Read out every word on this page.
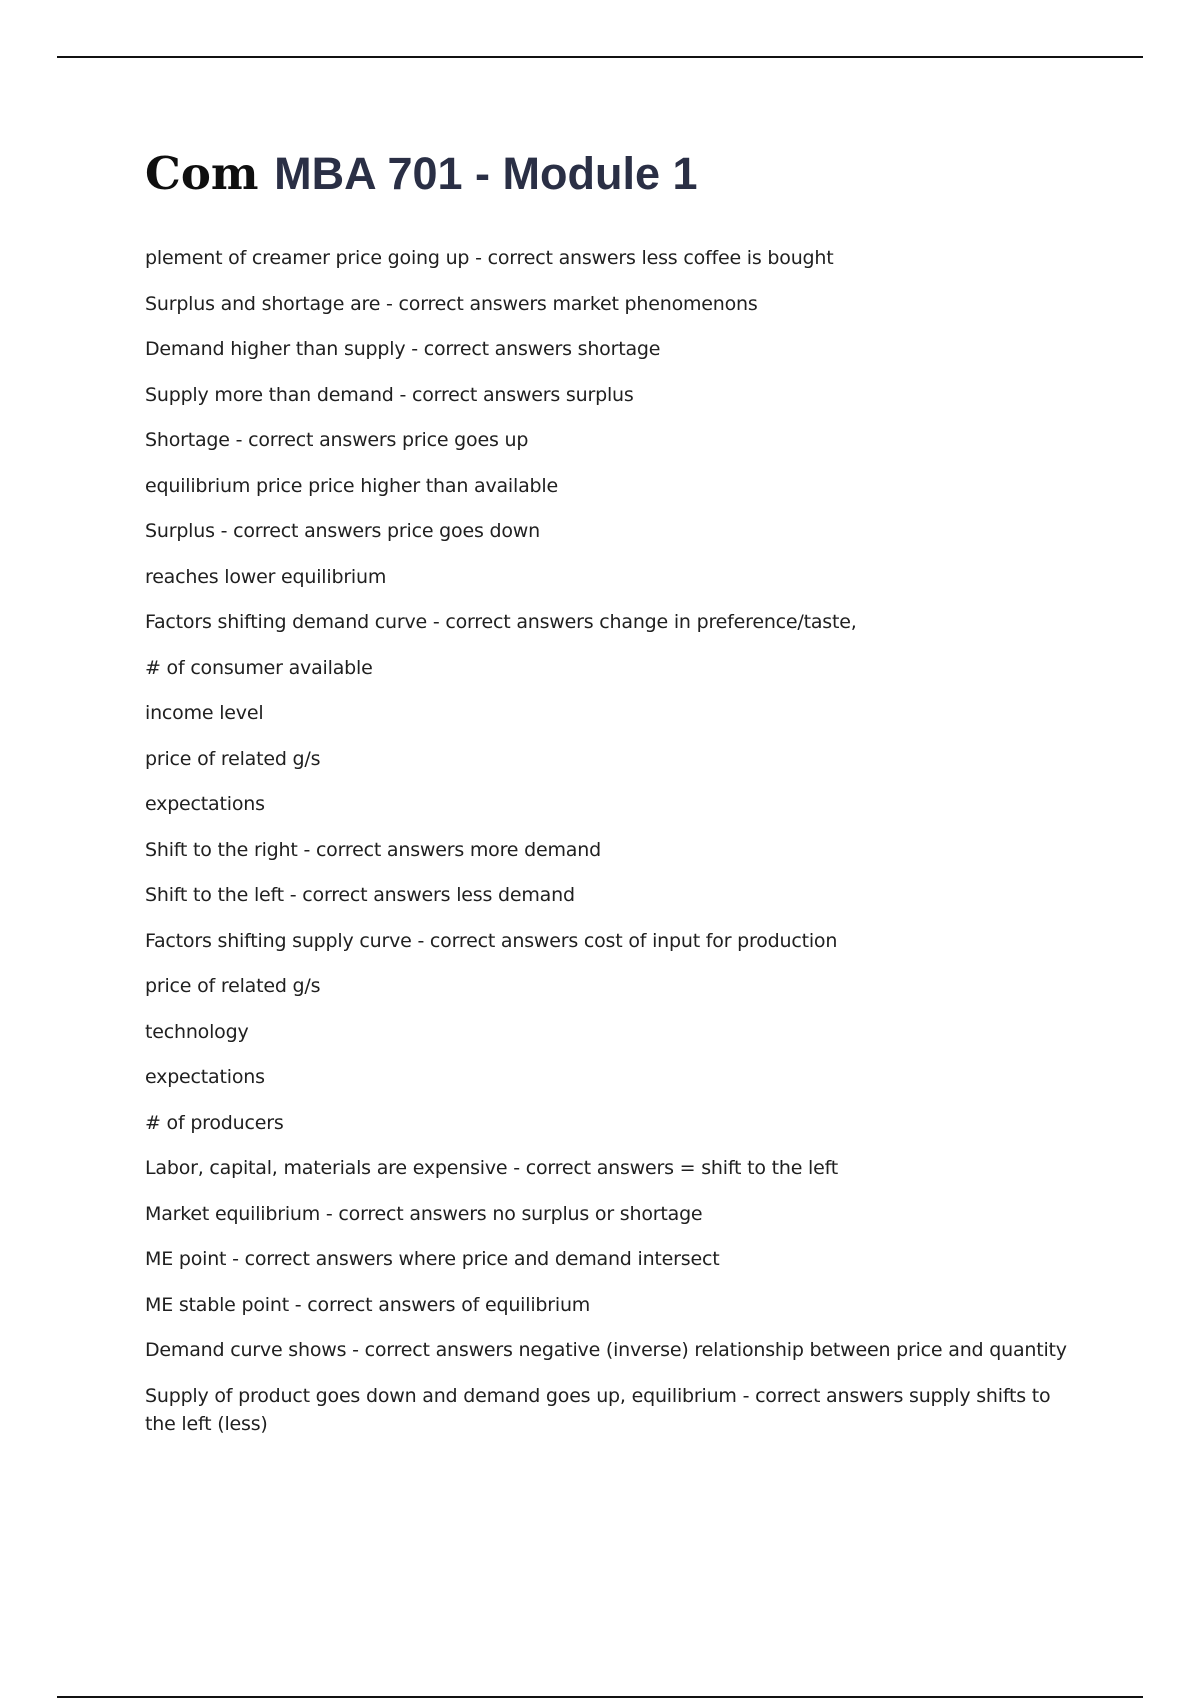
Com MBA 701 - Module 1
plement of creamer price going up - correct answers less coffee is bought
Surplus and shortage are - correct answers market phenomenons
Demand higher than supply - correct answers shortage
Supply more than demand - correct answers surplus
Shortage - correct answers price goes up
equilibrium price price higher than available
Surplus - correct answers price goes down
reaches lower equilibrium
Factors shifting demand curve - correct answers change in preference/taste,
# of consumer available
income level
price of related g/s
expectations
Shift to the right - correct answers more demand
Shift to the left - correct answers less demand
Factors shifting supply curve - correct answers cost of input for production
price of related g/s
technology
expectations
# of producers
Labor, capital, materials are expensive - correct answers = shift to the left
Market equilibrium - correct answers no surplus or shortage
ME point - correct answers where price and demand intersect
ME stable point - correct answers of equilibrium
Demand curve shows - correct answers negative (inverse) relationship between price and quantity
Supply of product goes down and demand goes up, equilibrium - correct answers supply shifts to the left (less)
